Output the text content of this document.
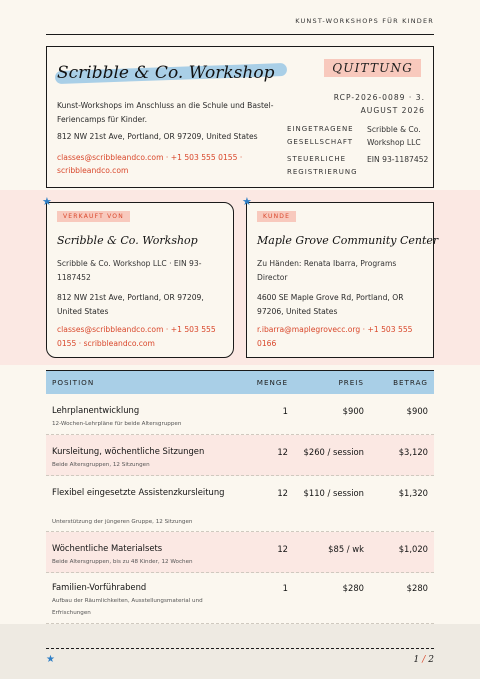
KUNST-WORKSHOPS FÜR KINDER
Scribble & Co. Workshop
Kunst-Workshops im Anschluss an die Schule und Bastel-Feriencamps für Kinder.
812 NW 21st Ave, Portland, OR 97209, United States
classes@scribbleandco.com · +1 503 555 0155 · scribbleandco.com
QUITTUNG
RCP-2026-0089 · 3. AUGUST 2026
EINGETRAGENE GESELLSCHAFT
Scribble & Co. Workshop LLC
STEUERLICHE REGISTRIERUNG
EIN 93-1187452
★
VERKAUFT VON
Scribble & Co. Workshop
Scribble & Co. Workshop LLC · EIN 93-1187452
812 NW 21st Ave, Portland, OR 97209, United States
classes@scribbleandco.com · +1 503 555 0155 · scribbleandco.com
★
KUNDE
Maple Grove Community Center
Zu Händen: Renata Ibarra, Programs Director
4600 SE Maple Grove Rd, Portland, OR 97206, United States
r.ibarra@maplegrovecc.org · +1 503 555 0166
POSITION	MENGE	PREIS	BETRAG
Lehrplanentwicklung
12-Wochen-Lehrpläne für beide Altersgruppen
1	$900	$900
Kursleitung, wöchentliche Sitzungen
Beide Altersgruppen, 12 Sitzungen
12	$260 / session	$3,120
Flexibel eingesetzte Assistenzkursleitung
Unterstützung der jüngeren Gruppe, 12 Sitzungen
12	$110 / session	$1,320
Wöchentliche Materialsets
Beide Altersgruppen, bis zu 48 Kinder, 12 Wochen
12	$85 / wk	$1,020
Familien-Vorführabend
Aufbau der Räumlichkeiten, Ausstellungsmaterial und Erfrischungen
1	$280	$280
★	1 / 2
